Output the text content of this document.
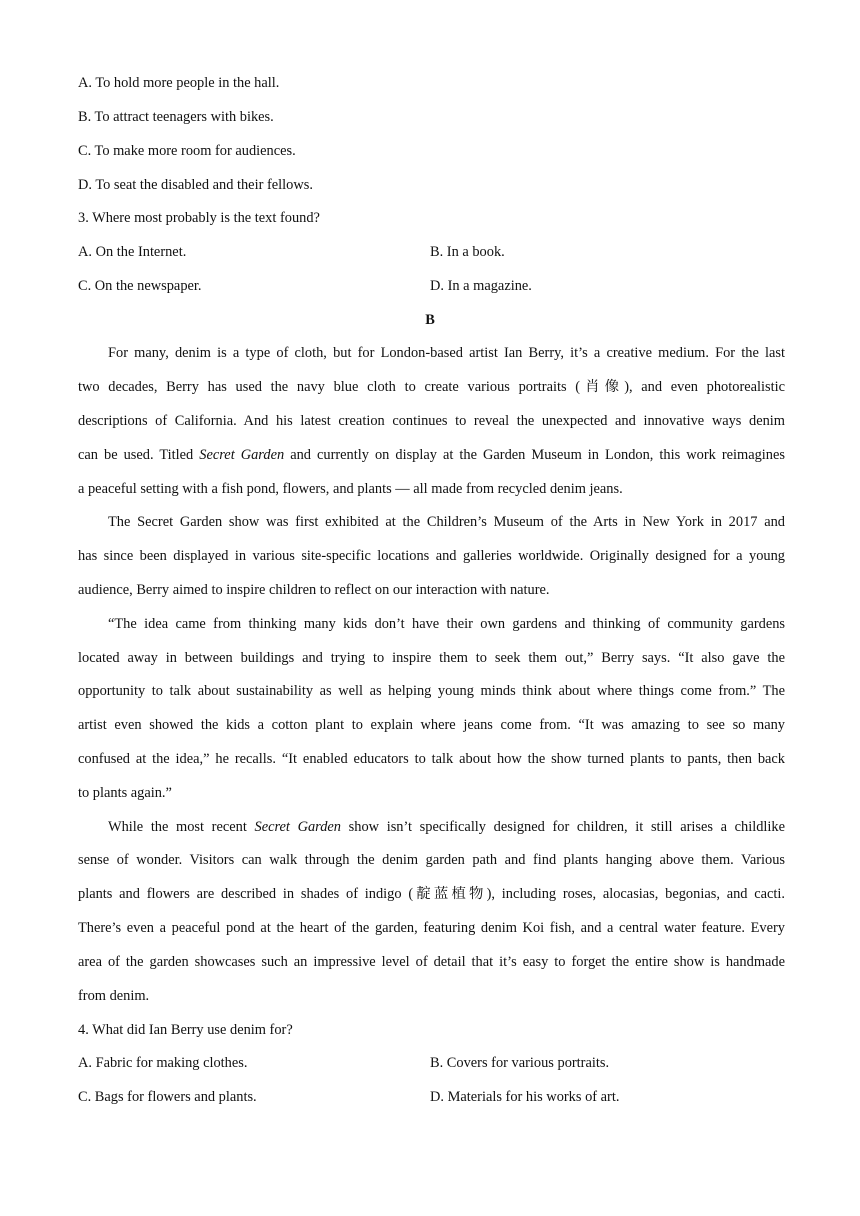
A. To hold more people in the hall.

B. To attract teenagers with bikes.

C. To make more room for audiences.

D. To seat the disabled and their fellows.

3. Where most probably is the text found?

A. On the Internet.	B. In a book.

C. On the newspaper.	D. In a magazine.

B

For many, denim is a type of cloth, but for London-based artist Ian Berry, it’s a creative medium. For the last

two decades, Berry has used the navy blue cloth to create various portraits (肖像), and even photorealistic

descriptions of California. And his latest creation continues to reveal the unexpected and innovative ways denim

can be used. Titled Secret Garden and currently on display at the Garden Museum in London, this work reimagines

a peaceful setting with a fish pond, flowers, and plants — all made from recycled denim jeans.

The Secret Garden show was first exhibited at the Children’s Museum of the Arts in New York in 2017 and

has since been displayed in various site-specific locations and galleries worldwide. Originally designed for a young

audience, Berry aimed to inspire children to reflect on our interaction with nature.

“The idea came from thinking many kids don’t have their own gardens and thinking of community gardens

located away in between buildings and trying to inspire them to seek them out,” Berry says. “It also gave the

opportunity to talk about sustainability as well as helping young minds think about where things come from.” The

artist even showed the kids a cotton plant to explain where jeans come from. “It was amazing to see so many

confused at the idea,” he recalls. “It enabled educators to talk about how the show turned plants to pants, then back

to plants again.”

While the most recent Secret Garden show isn’t specifically designed for children, it still arises a childlike

sense of wonder. Visitors can walk through the denim garden path and find plants hanging above them. Various

plants and flowers are described in shades of indigo (靛蓝植物), including roses, alocasias, begonias, and cacti.

There’s even a peaceful pond at the heart of the garden, featuring denim Koi fish, and a central water feature. Every

area of the garden showcases such an impressive level of detail that it’s easy to forget the entire show is handmade

from denim.

4. What did Ian Berry use denim for?

A. Fabric for making clothes.	B. Covers for various portraits.

C. Bags for flowers and plants.	D. Materials for his works of art.
